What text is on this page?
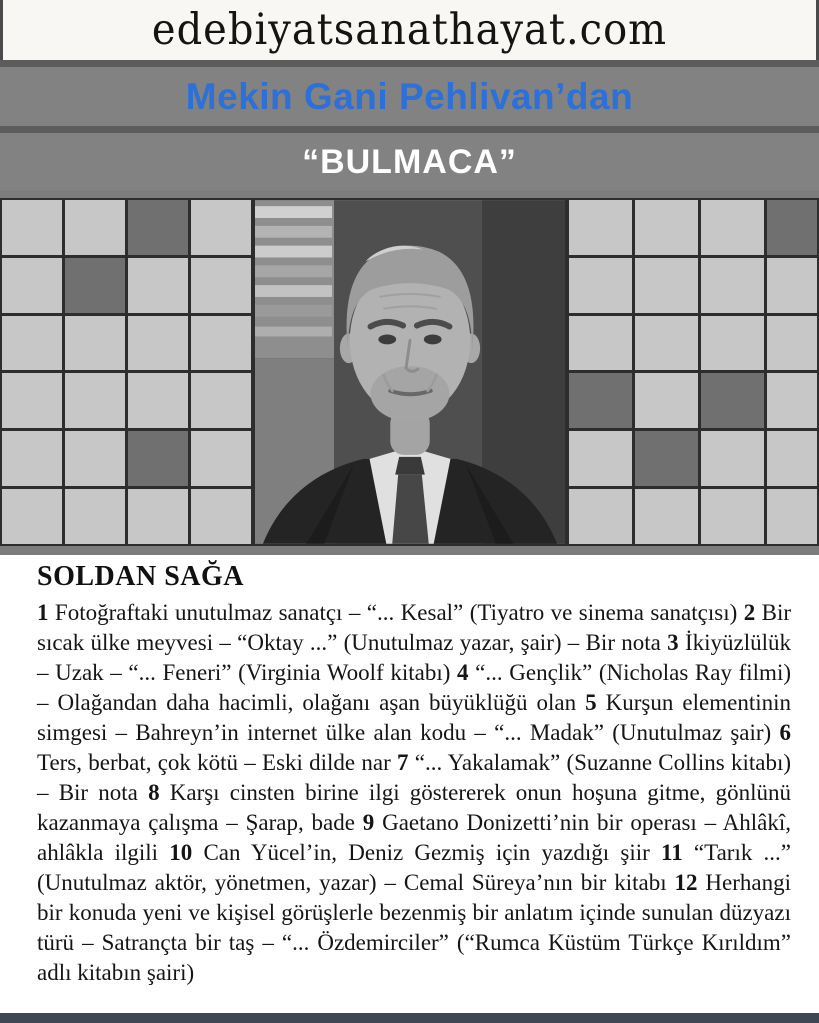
edebiyatsanathayat.com
Mekin Gani Pehlivan’dan
“BULMACA”
SOLDAN SAĞA

1 Fotoğraftaki unutulmaz sanatçı – “... Kesal” (Tiyatro ve sinema sanatçısı) 2 Bir sıcak ülke meyvesi – “Oktay ...” (Unutulmaz yazar, şair) – Bir nota 3 İkiyüzlülük – Uzak – “... Feneri” (Virginia Woolf kitabı) 4 “... Gençlik” (Nicholas Ray filmi) – Olağandan daha hacimli, olağanı aşan büyüklüğü olan 5 Kurşun elementinin simgesi – Bahreyn’in internet ülke alan kodu – “... Madak” (Unutulmaz şair) 6 Ters, berbat, çok kötü – Eski dilde nar 7 “... Yakalamak” (Suzanne Collins kitabı) – Bir nota 8 Karşı cinsten birine ilgi göstererek onun hoşuna gitme, gönlünü kazanmaya çalışma – Şarap, bade 9 Gaetano Donizetti’nin bir operası – Ahlâkî, ahlâkla ilgili 10 Can Yücel’in, Deniz Gezmiş için yazdığı şiir 11 “Tarık ...” (Unutulmaz aktör, yönetmen, yazar) – Cemal Süreya’nın bir kitabı 12 Herhangi bir konuda yeni ve kişisel görüşlerle bezenmiş bir anlatım içinde sunulan düzyazı türü – Satrançta bir taş – “... Özdemirciler” (“Rumca Küstüm Türkçe Kırıldım” adlı kitabın şairi)
